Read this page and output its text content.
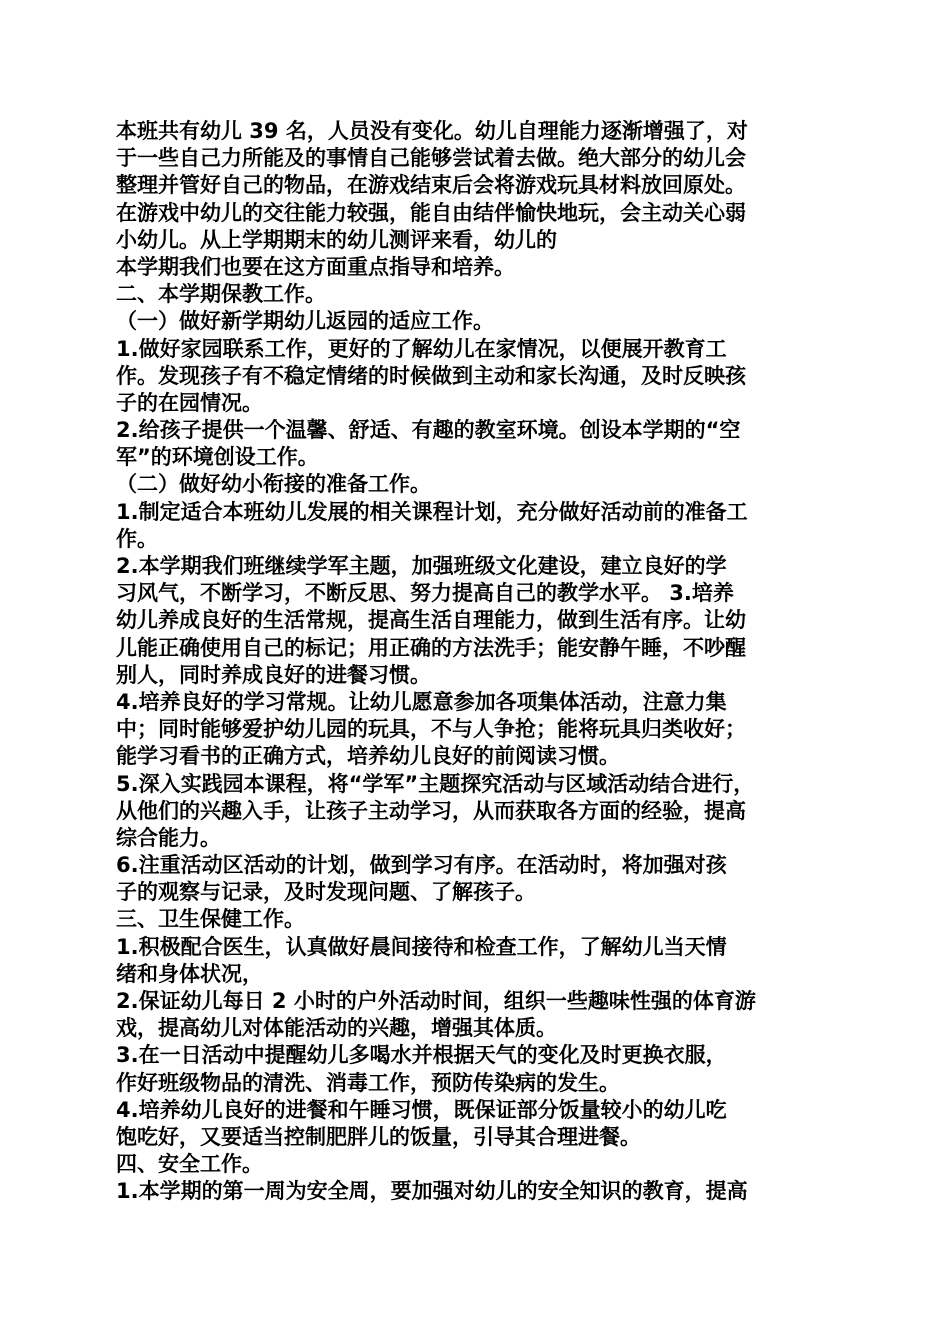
本班共有幼儿 39 名，人员没有变化。幼儿自理能力逐渐增强了，对
于一些自己力所能及的事情自己能够尝试着去做。绝大部分的幼儿会
整理并管好自己的物品，在游戏结束后会将游戏玩具材料放回原处。
在游戏中幼儿的交往能力较强，能自由结伴愉快地玩，会主动关心弱
小幼儿。从上学期期末的幼儿测评来看，幼儿的
本学期我们也要在这方面重点指导和培养。
二、本学期保教工作。
（一）做好新学期幼儿返园的适应工作。
1.做好家园联系工作，更好的了解幼儿在家情况，以便展开教育工
作。发现孩子有不稳定情绪的时候做到主动和家长沟通，及时反映孩
子的在园情况。
2.给孩子提供一个温馨、舒适、有趣的教室环境。创设本学期的“空
军”的环境创设工作。
（二）做好幼小衔接的准备工作。
1.制定适合本班幼儿发展的相关课程计划，充分做好活动前的准备工
作。
2.本学期我们班继续学军主题，加强班级文化建设，建立良好的学
习风气，不断学习，不断反思、努力提高自己的教学水平。 3.培养
幼儿养成良好的生活常规，提高生活自理能力，做到生活有序。让幼
儿能正确使用自己的标记；用正确的方法洗手；能安静午睡，不吵醒
别人，同时养成良好的进餐习惯。
4.培养良好的学习常规。让幼儿愿意参加各项集体活动，注意力集
中；同时能够爱护幼儿园的玩具，不与人争抢；能将玩具归类收好；
能学习看书的正确方式，培养幼儿良好的前阅读习惯。
5.深入实践园本课程，将“学军”主题探究活动与区域活动结合进行，
从他们的兴趣入手，让孩子主动学习，从而获取各方面的经验，提高
综合能力。
6.注重活动区活动的计划，做到学习有序。在活动时，将加强对孩
子的观察与记录，及时发现问题、了解孩子。
三、卫生保健工作。
1.积极配合医生，认真做好晨间接待和检查工作，了解幼儿当天情
绪和身体状况，
2.保证幼儿每日 2 小时的户外活动时间，组织一些趣味性强的体育游
戏，提高幼儿对体能活动的兴趣，增强其体质。
3.在一日活动中提醒幼儿多喝水并根据天气的变化及时更换衣服，
作好班级物品的清洗、消毒工作，预防传染病的发生。
4.培养幼儿良好的进餐和午睡习惯，既保证部分饭量较小的幼儿吃
饱吃好，又要适当控制肥胖儿的饭量，引导其合理进餐。
四、安全工作。
1.本学期的第一周为安全周，要加强对幼儿的安全知识的教育，提高
